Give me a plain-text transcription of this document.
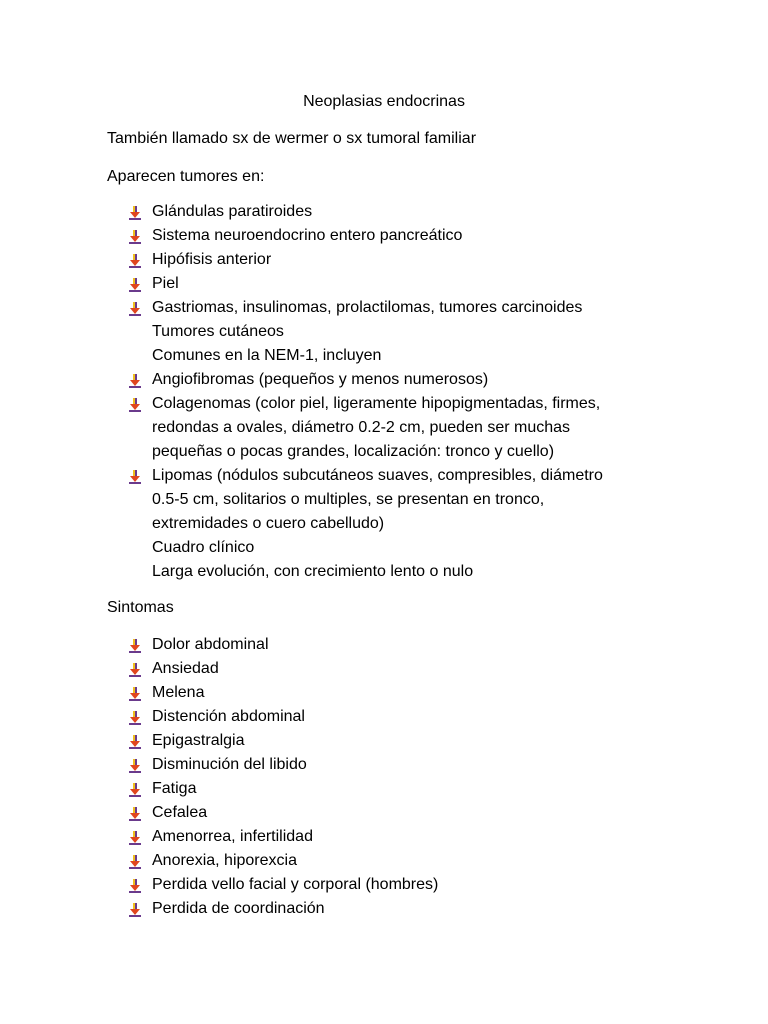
Neoplasias endocrinas
También llamado sx de wermer o sx tumoral familiar
Aparecen tumores en:
Glándulas paratiroides
Sistema neuroendocrino entero pancreático
Hipófisis anterior
Piel
Gastriomas, insulinomas, prolactilomas, tumores carcinoides
Tumores cutáneos
Comunes en la NEM-1, incluyen
Angiofibromas (pequeños y menos numerosos)
Colagenomas (color piel, ligeramente hipopigmentadas, firmes,
redondas a ovales, diámetro 0.2-2 cm, pueden ser muchas
pequeñas o pocas grandes, localización: tronco y cuello)
Lipomas (nódulos subcutáneos suaves, compresibles, diámetro
0.5-5 cm, solitarios o multiples, se presentan en tronco,
extremidades o cuero cabelludo)
Cuadro clínico
Larga evolución, con crecimiento lento o nulo
Sintomas
Dolor abdominal
Ansiedad
Melena
Distención abdominal
Epigastralgia
Disminución del libido
Fatiga
Cefalea
Amenorrea, infertilidad
Anorexia, hiporexcia
Perdida vello facial y corporal (hombres)
Perdida de coordinación
